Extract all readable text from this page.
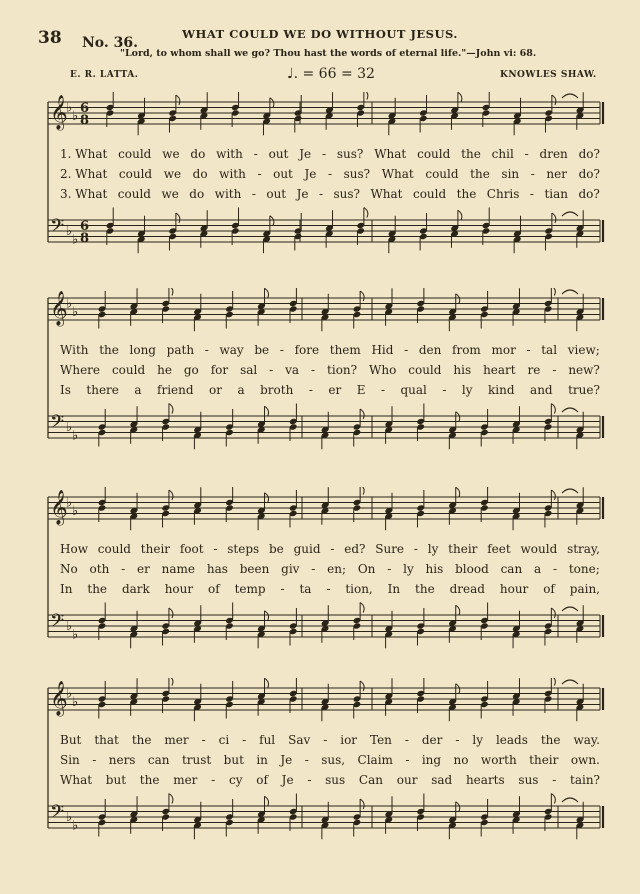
38	WHAT COULD WE DO WITHOUT JESUS.
No. 36.
"Lord, to whom shall we go? Thou hast the words of eternal life."—John vi: 68.
E. R. LATTA.	♩. = 66 = 32	KNOWLES SHAW.
𝄞
♭
♭
6
8
𝄢 ♭
♭
6
8
𝄞
♭
♭
𝄢 ♭
♭
𝄞
♭
♭
𝄢 ♭
♭
𝄞
♭
♭
𝄢 ♭
♭
1. What could we do with - out Je - sus? What could the chil - dren do?
2. What could we do with - out Je - sus? What could the sin - ner do?
3. What could we do with - out Je - sus? What could the Chris - tian do?
With the long path - way be - fore them Hid - den from mor - tal view;
Where could he go for sal - va - tion? Who could his heart re - new?
Is there a friend or a broth - er E - qual - ly kind and true?
How could their foot - steps be guid - ed? Sure - ly their feet would stray,
No oth - er name has been giv - en; On - ly his blood can a - tone;
In the dark hour of temp - ta - tion, In the dread hour of pain,
But that the mer - ci - ful Sav - ior Ten - der - ly leads the way.
Sin - ners can trust but in Je - sus, Claim - ing no worth their own.
What but the mer - cy of Je - sus Can our sad hearts sus - tain?
